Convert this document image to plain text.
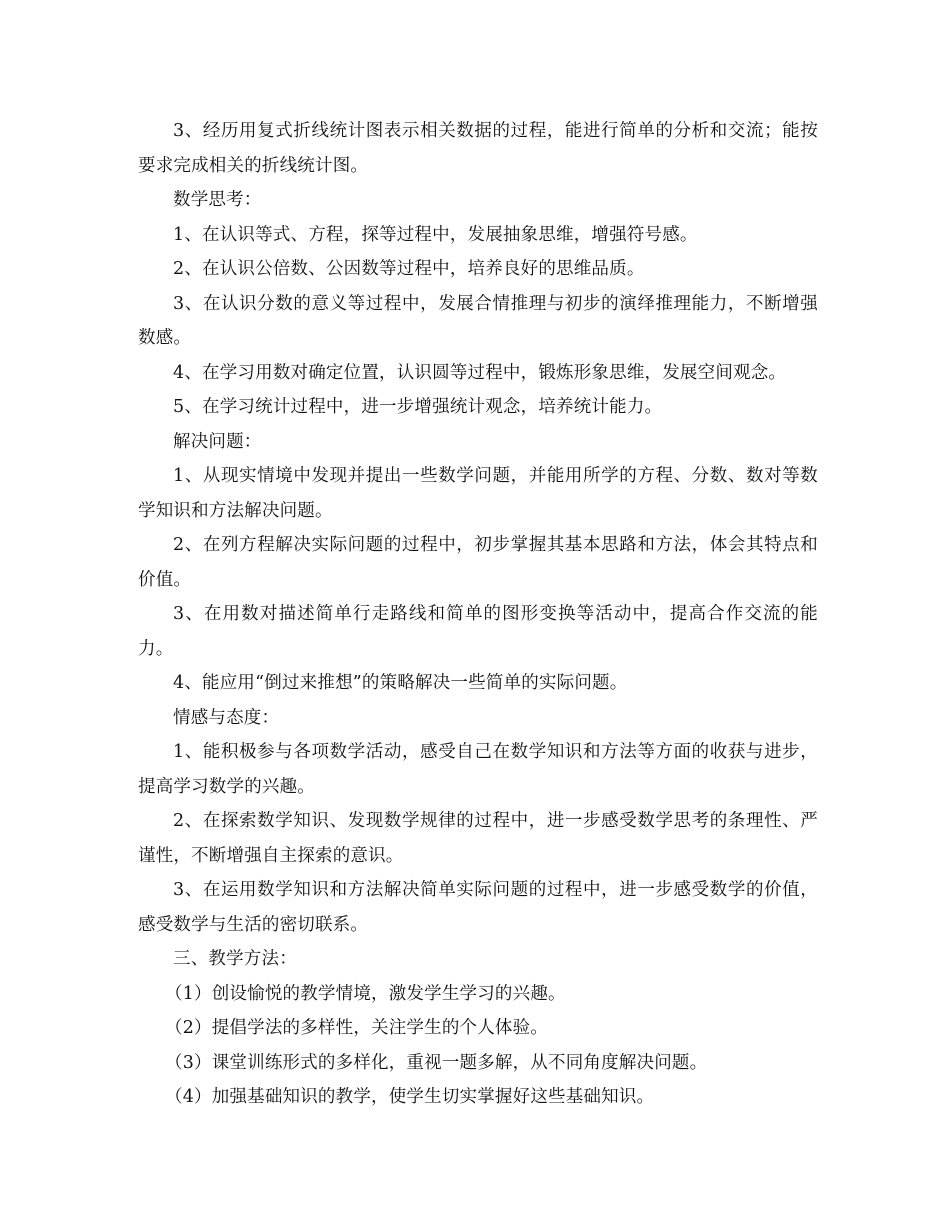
3、经历用复式折线统计图表示相关数据的过程，能进行简单的分析和交流；能按要求完成相关的折线统计图。

数学思考：

1、在认识等式、方程，探等过程中，发展抽象思维，增强符号感。

2、在认识公倍数、公因数等过程中，培养良好的思维品质。

3、在认识分数的意义等过程中，发展合情推理与初步的演绎推理能力，不断增强数感。

4、在学习用数对确定位置，认识圆等过程中，锻炼形象思维，发展空间观念。

5、在学习统计过程中，进一步增强统计观念，培养统计能力。

解决问题：

1、从现实情境中发现并提出一些数学问题，并能用所学的方程、分数、数对等数学知识和方法解决问题。

2、在列方程解决实际问题的过程中，初步掌握其基本思路和方法，体会其特点和价值。

3、在用数对描述简单行走路线和简单的图形变换等活动中，提高合作交流的能力。

4、能应用“倒过来推想”的策略解决一些简单的实际问题。

情感与态度：

1、能积极参与各项数学活动，感受自己在数学知识和方法等方面的收获与进步，提高学习数学的兴趣。

2、在探索数学知识、发现数学规律的过程中，进一步感受数学思考的条理性、严谨性，不断增强自主探索的意识。

3、在运用数学知识和方法解决简单实际问题的过程中，进一步感受数学的价值，感受数学与生活的密切联系。

三、教学方法：

（1）创设愉悦的教学情境，激发学生学习的兴趣。

（2）提倡学法的多样性，关注学生的个人体验。

（3）课堂训练形式的多样化，重视一题多解，从不同角度解决问题。

（4）加强基础知识的教学，使学生切实掌握好这些基础知识。
